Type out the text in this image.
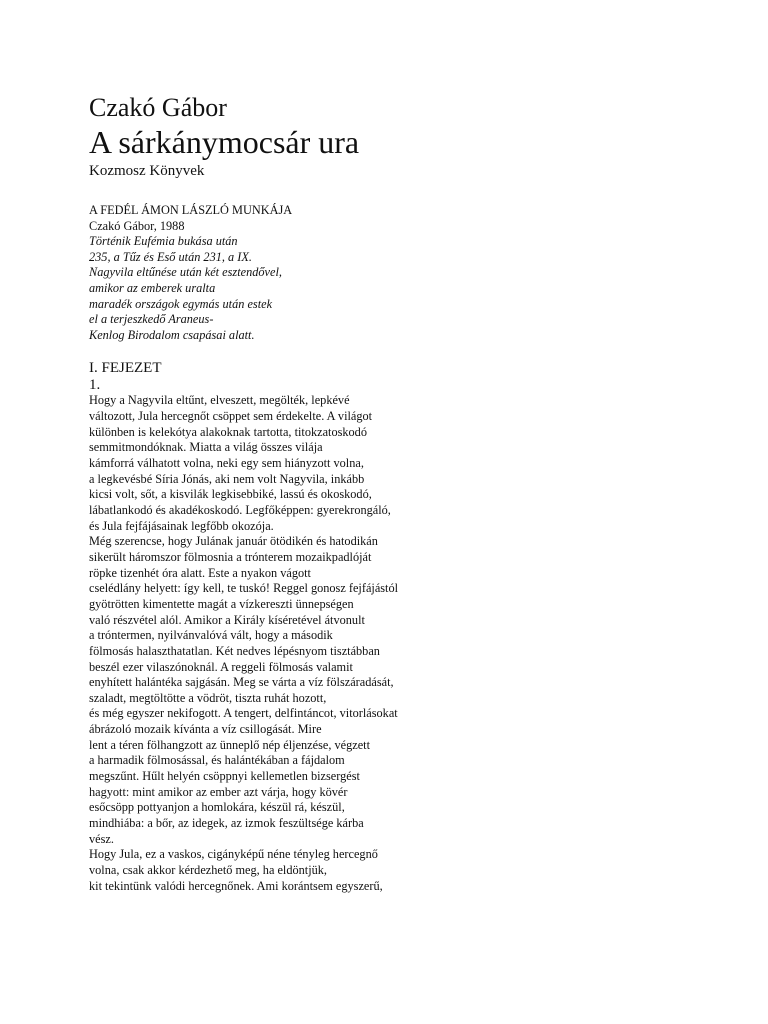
Czakó Gábor
A sárkánymocsár ura

Kozmosz Könyvek

A FEDÉL ÁMON LÁSZLÓ MUNKÁJA

Czakó Gábor, 1988

Történik Eufémia bukása után

235, a Tűz és Eső után 231, a IX.

Nagyvila eltűnése után két esztendővel,

amikor az emberek uralta

maradék országok egymás után estek

el a terjeszkedő Araneus-

Kenlog Birodalom csapásai alatt.

I. FEJEZET

1.

Hogy a Nagyvila eltűnt, elveszett, megölték, lepkévé

változott, Jula hercegnőt csöppet sem érdekelte. A világot

különben is kelekótya alakoknak tartotta, titokzatoskodó

semmitmondóknak. Miatta a világ összes vilája

kámforrá válhatott volna, neki egy sem hiányzott volna,

a legkevésbé Síria Jónás, aki nem volt Nagyvila, inkább

kicsi volt, sőt, a kisvilák legkisebbiké, lassú és okoskodó,

lábatlankodó és akadékoskodó. Legfőképpen: gyerekrongáló,

és Jula fejfájásainak legfőbb okozója.

Még szerencse, hogy Julának január ötödikén és hatodikán

sikerült háromszor fölmosnia a trónterem mozaikpadlóját

röpke tizenhét óra alatt. Este a nyakon vágott

cselédlány helyett: így kell, te tuskó! Reggel gonosz fejfájástól

gyötrötten kimentette magát a vízkereszti ünnepségen

való részvétel alól. Amikor a Király kíséretével átvonult

a tróntermen, nyilvánvalóvá vált, hogy a második

fölmosás halaszthatatlan. Két nedves lépésnyom tisztábban

beszél ezer vilaszónoknál. A reggeli fölmosás valamit

enyhített halántéka sajgásán. Meg se várta a víz fölszáradását,

szaladt, megtöltötte a vödröt, tiszta ruhát hozott,

és még egyszer nekifogott. A tengert, delfintáncot, vitorlásokat

ábrázoló mozaik kívánta a víz csillogását. Mire

lent a téren fölhangzott az ünneplő nép éljenzése, végzett

a harmadik fölmosással, és halántékában a fájdalom

megszűnt. Hűlt helyén csöppnyi kellemetlen bizsergést

hagyott: mint amikor az ember azt várja, hogy kövér

esőcsöpp pottyanjon a homlokára, készül rá, készül,

mindhiába: a bőr, az idegek, az izmok feszültsége kárba

vész.

Hogy Jula, ez a vaskos, cigányképű néne tényleg hercegnő

volna, csak akkor kérdezhető meg, ha eldöntjük,

kit tekintünk valódi hercegnőnek. Ami korántsem egyszerű,
